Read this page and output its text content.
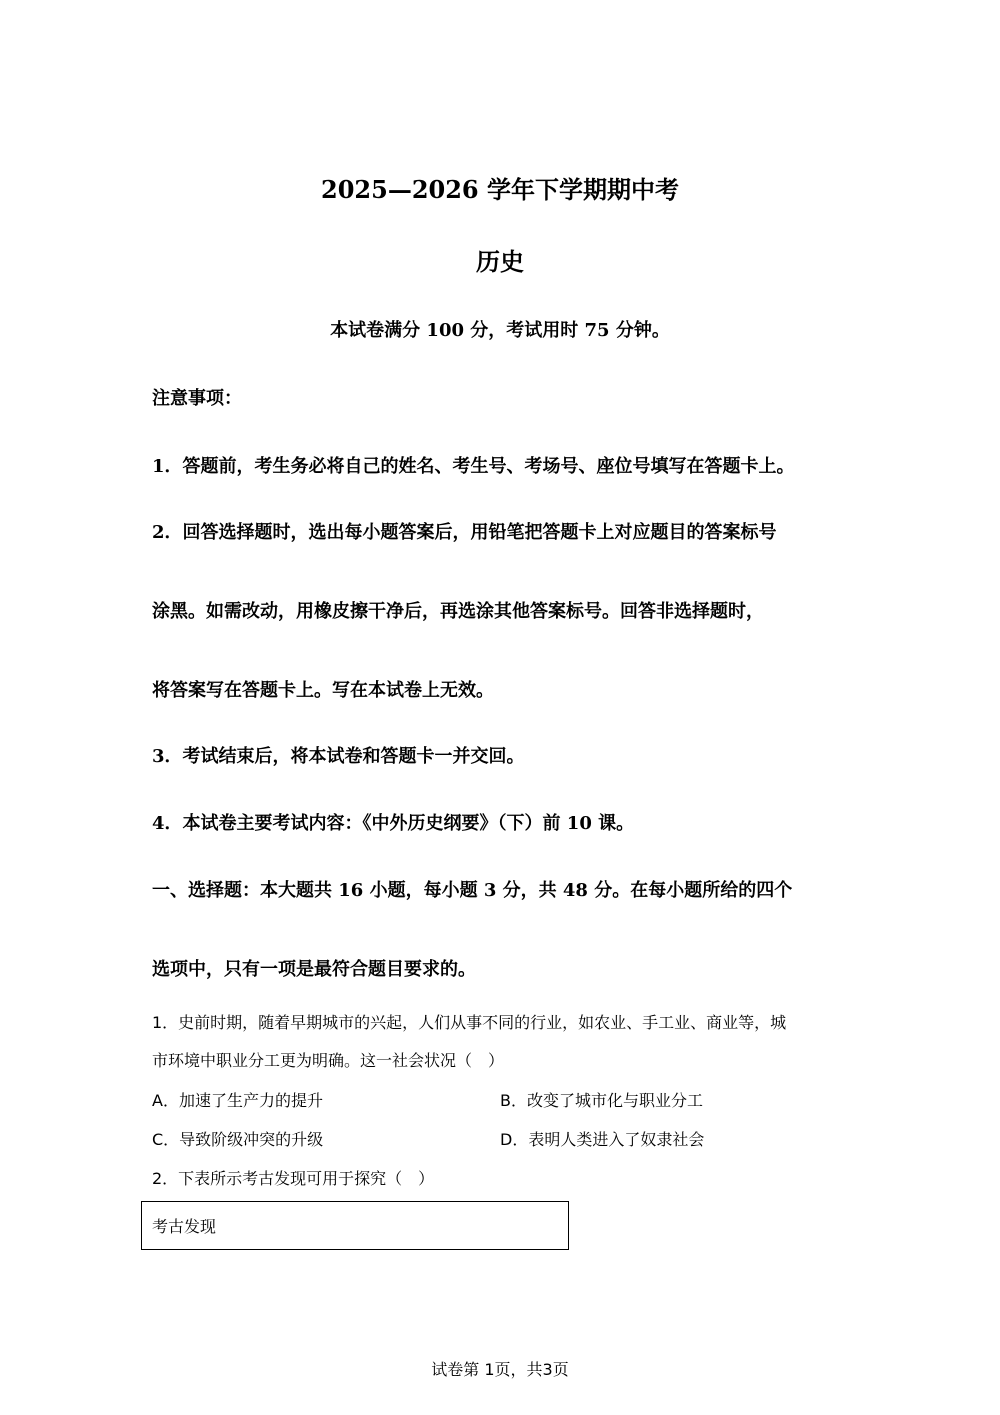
2025—2026 学年下学期期中考
历史
本试卷满分 100 分，考试用时 75 分钟。
注意事项：
1．答题前，考生务必将自己的姓名、考生号、考场号、座位号填写在答题卡上。
2．回答选择题时，选出每小题答案后，用铅笔把答题卡上对应题目的答案标号
涂黑。如需改动，用橡皮擦干净后，再选涂其他答案标号。回答非选择题时，
将答案写在答题卡上。写在本试卷上无效。
3．考试结束后，将本试卷和答题卡一并交回。
4．本试卷主要考试内容：《中外历史纲要》（下）前 10 课。
一、选择题：本大题共 16 小题，每小题 3 分，共 48 分。在每小题所给的四个
选项中，只有一项是最符合题目要求的。
1．史前时期，随着早期城市的兴起，人们从事不同的行业，如农业、手工业、商业等，城
市环境中职业分工更为明确。这一社会状况（　）
A．加速了生产力的提升	B．改变了城市化与职业分工
C．导致阶级冲突的升级	D．表明人类进入了奴隶社会
2．下表所示考古发现可用于探究（　）
考古发现
试卷第 1页，共3页
